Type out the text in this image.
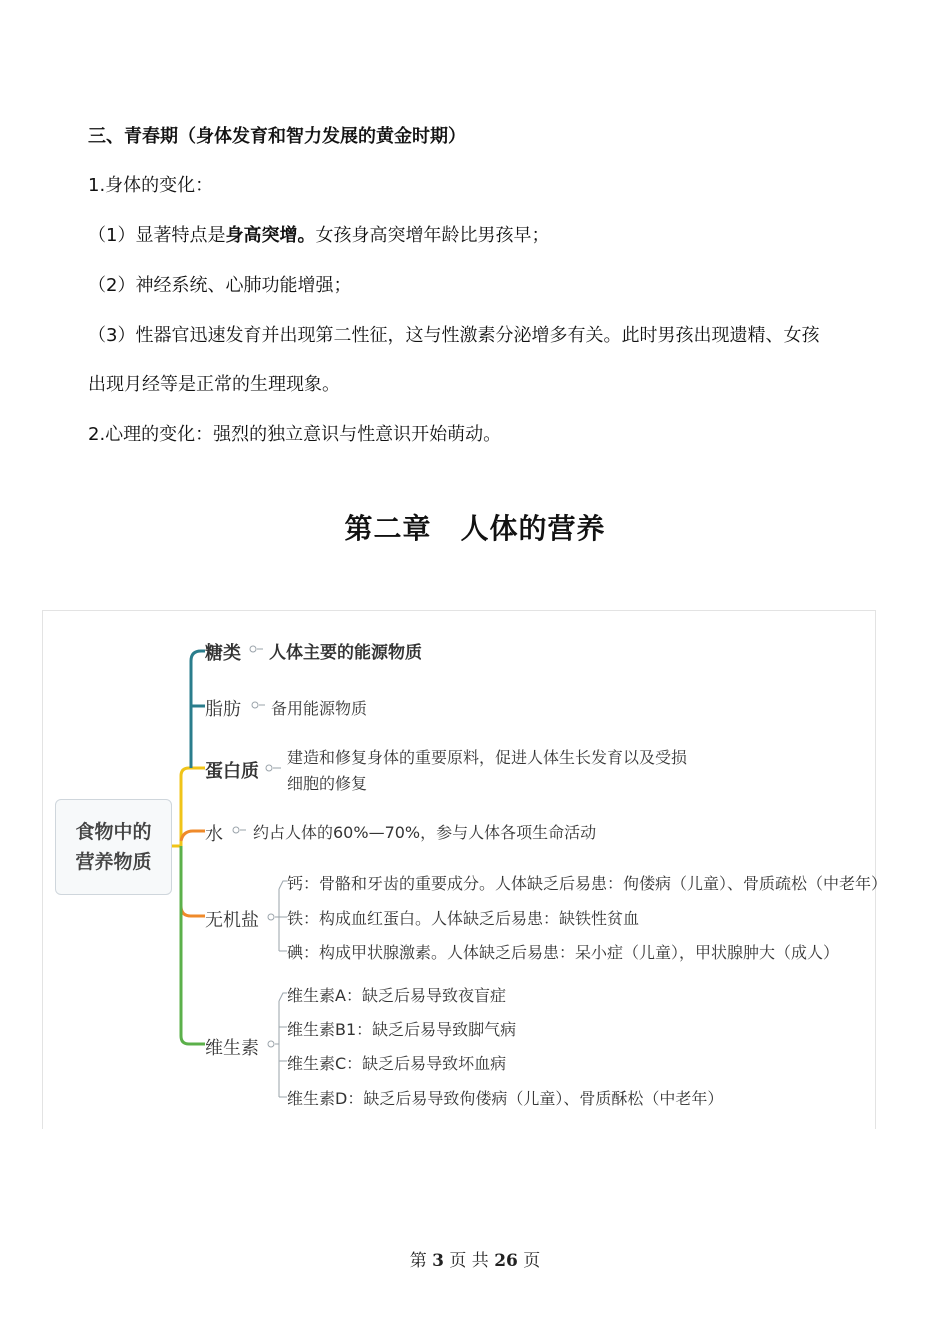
三、青春期（身体发育和智力发展的黄金时期）
1.身体的变化：
（1）显著特点是身高突增。女孩身高突增年龄比男孩早；
（2）神经系统、心肺功能增强；
（3）性器官迅速发育并出现第二性征，这与性激素分泌增多有关。此时男孩出现遗精、女孩
出现月经等是正常的生理现象。
2.心理的变化：强烈的独立意识与性意识开始萌动。
第二章　人体的营养
食物中的
营养物质
糖类 人体主要的能源物质
脂肪 备用能源物质
蛋白质
建造和修复身体的重要原料，促进人体生长发育以及受损
细胞的修复
水 约占人体的60%—70%，参与人体各项生命活动
无机盐
钙：骨骼和牙齿的重要成分。人体缺乏后易患：佝偻病（儿童）、骨质疏松（中老年）
铁：构成血红蛋白。人体缺乏后易患：缺铁性贫血
碘：构成甲状腺激素。人体缺乏后易患：呆小症（儿童），甲状腺肿大（成人）
维生素
维生素A：缺乏后易导致夜盲症
维生素B1：缺乏后易导致脚气病
维生素C：缺乏后易导致坏血病
维生素D：缺乏后易导致佝偻病（儿童）、骨质酥松（中老年）
第 3 页 共 26 页
